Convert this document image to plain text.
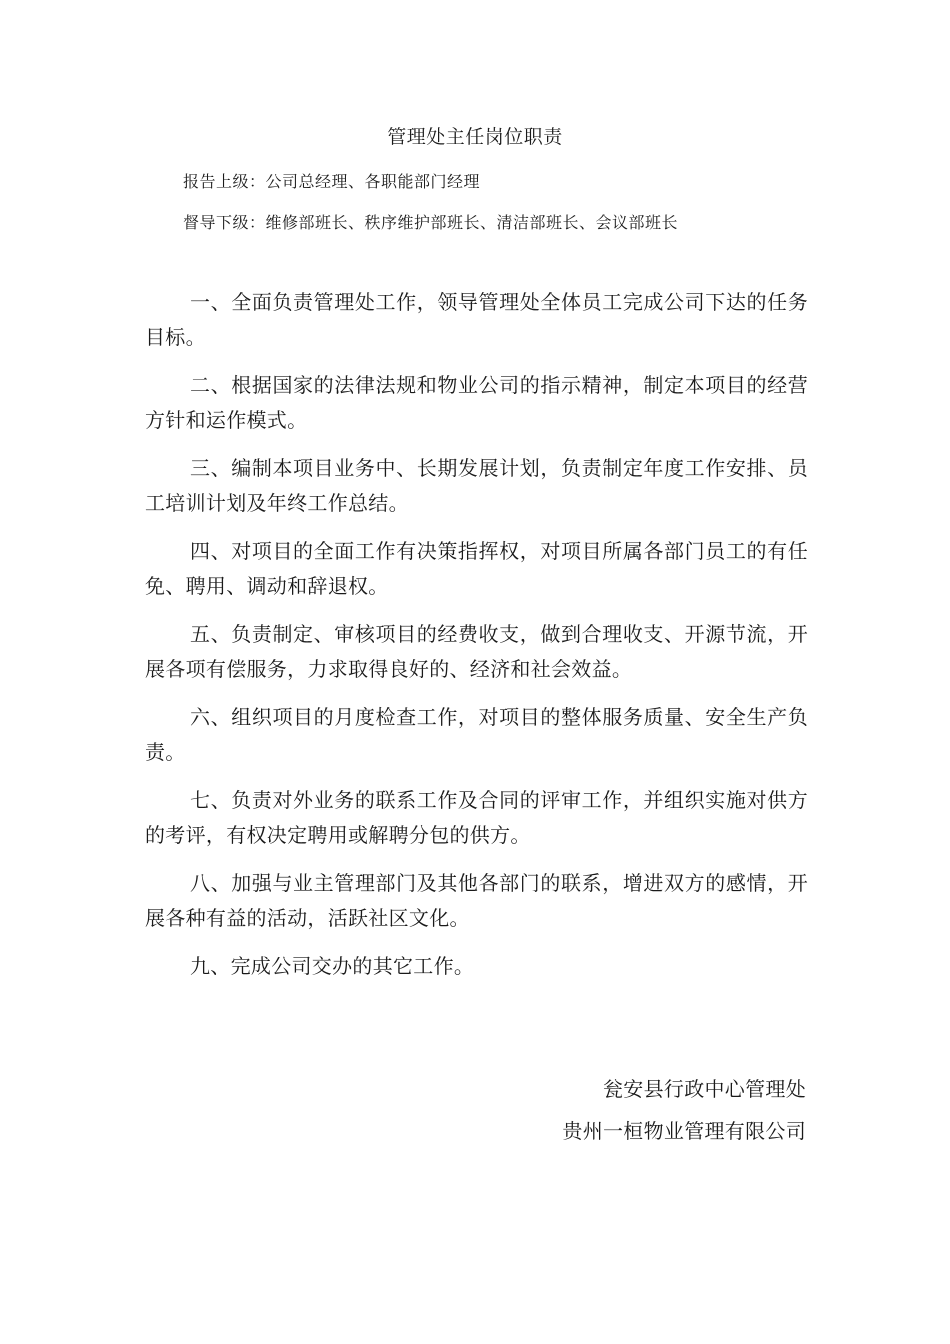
管理处主任岗位职责
报告上级：公司总经理、各职能部门经理
督导下级：维修部班长、秩序维护部班长、清洁部班长、会议部班长

一、全面负责管理处工作，领导管理处全体员工完成公司下达的任务目标。

二、根据国家的法律法规和物业公司的指示精神，制定本项目的经营方针和运作模式。

三、编制本项目业务中、长期发展计划，负责制定年度工作安排、员工培训计划及年终工作总结。

四、对项目的全面工作有决策指挥权，对项目所属各部门员工的有任免、聘用、调动和辞退权。

五、负责制定、审核项目的经费收支，做到合理收支、开源节流，开展各项有偿服务，力求取得良好的、经济和社会效益。

六、组织项目的月度检查工作，对项目的整体服务质量、安全生产负责。

七、负责对外业务的联系工作及合同的评审工作，并组织实施对供方的考评，有权决定聘用或解聘分包的供方。

八、加强与业主管理部门及其他各部门的联系，增进双方的感情，开展各种有益的活动，活跃社区文化。

九、完成公司交办的其它工作。

瓮安县行政中心管理处
贵州一桓物业管理有限公司
